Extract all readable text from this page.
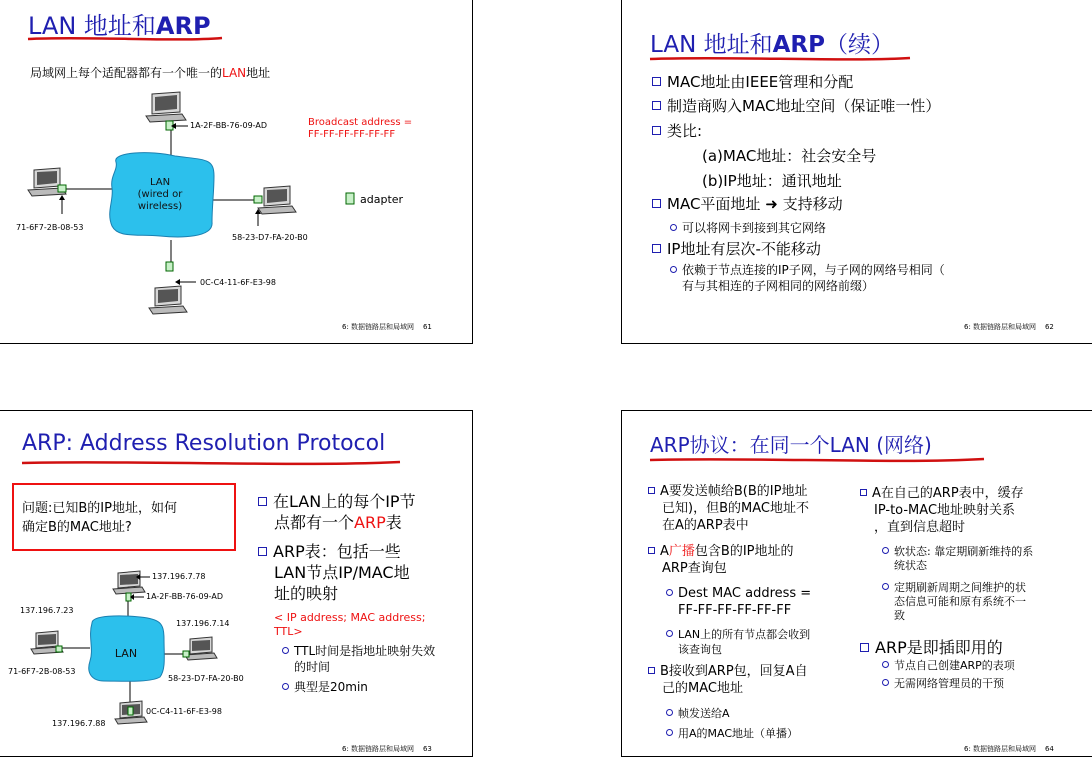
LAN 地址和ARP
局域网上每个适配器都有一个唯一的LAN地址
LAN
(wired or
wireless)
1A-2F-BB-76-09-AD
71-6F7-2B-08-53
58-23-D7-FA-20-B0
0C-C4-11-6F-E3-98
Broadcast address =
FF-FF-FF-FF-FF-FF
adapter
6: 数据链路层和局域网 61
LAN 地址和ARP（续）
MAC地址由IEEE管理和分配
制造商购入MAC地址空间（保证唯一性）
类比:
(a)MAC地址：社会安全号
(b)IP地址：通讯地址
MAC平面地址 ➜ 支持移动
可以将网卡到接到其它网络
IP地址有层次-不能移动
依赖于节点连接的IP子网，与子网的网络号相同（
有与其相连的子网相同的网络前缀）
6: 数据链路层和局域网 62
ARP: Address Resolution Protocol
问题:已知B的IP地址，如何
确定B的MAC地址?
137.196.7.78
1A-2F-BB-76-09-AD
137.196.7.23
137.196.7.14
LAN
71-6F7-2B-08-53
58-23-D7-FA-20-B0
0C-C4-11-6F-E3-98
137.196.7.88
在LAN上的每个IP节
点都有一个ARP表
ARP表：包括一些
LAN节点IP/MAC地
址的映射
< IP address; MAC address;
TTL>
TTL时间是指地址映射失效
的时间
典型是20min
6: 数据链路层和局域网 63
ARP协议：在同一个LAN (网络)
A要发送帧给B(B的IP地址
已知)，但B的MAC地址不
在A的ARP表中
A广播包含B的IP地址的
ARP查询包
Dest MAC address =
FF-FF-FF-FF-FF-FF
LAN上的所有节点都会收到
该查询包
B接收到ARP包，回复A自
己的MAC地址
帧发送给A
用A的MAC地址（单播）
A在自己的ARP表中，缓存
IP-to-MAC地址映射关系
，直到信息超时
软状态: 靠定期刷新维持的系
统状态
定期刷新周期之间维护的状
态信息可能和原有系统不一
致
ARP是即插即用的
节点自己创建ARP的表项
无需网络管理员的干预
6: 数据链路层和局域网 64
